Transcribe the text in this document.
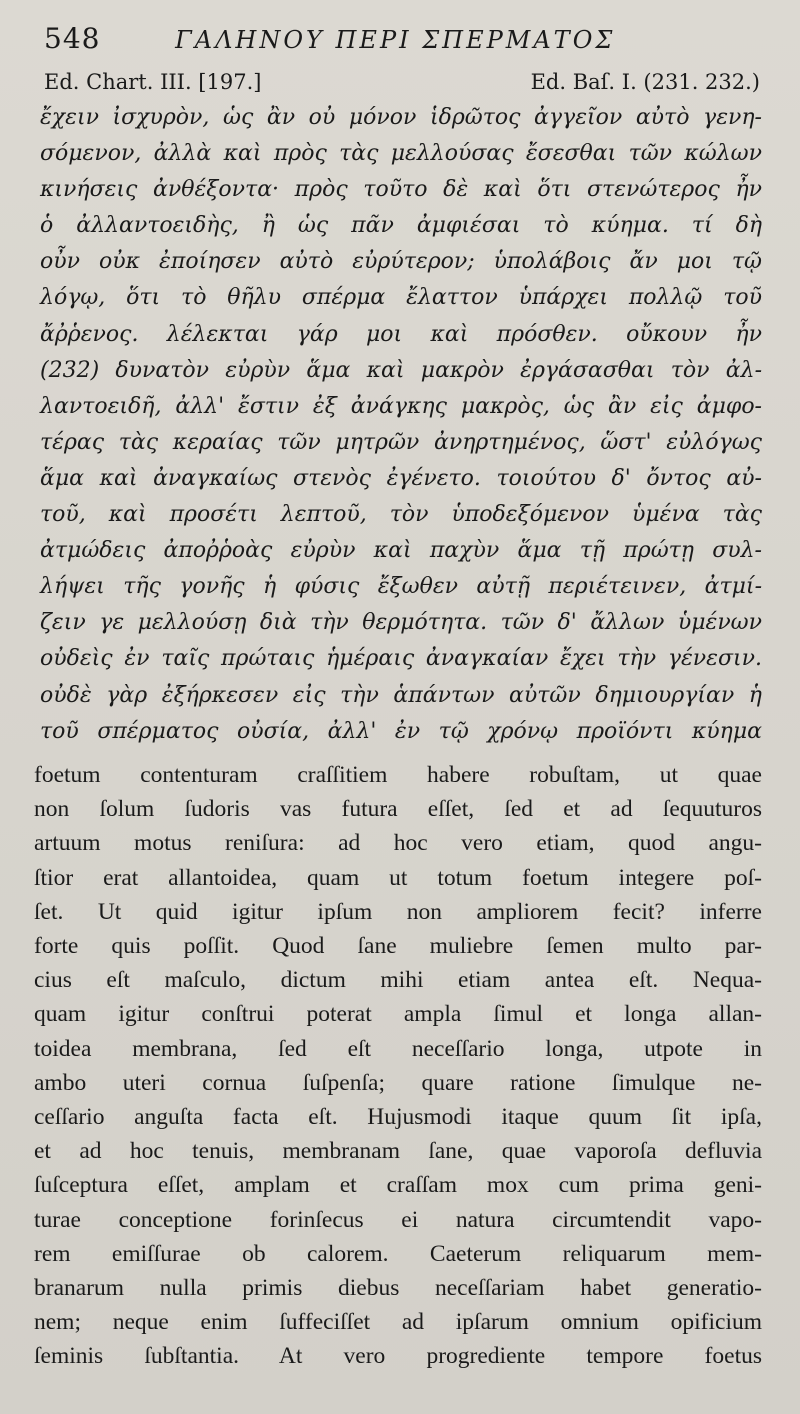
548	ΓΑΛΗΝΟΥ ΠΕΡΙ ΣΠΕΡΜΑΤΟΣ
Ed. Chart. III. [197.]	Ed. Baſ. I. (231. 232.)
ἔχειν ἰσχυρὸν, ὡς ἂν οὐ μόνον ἱδρῶτος ἀγγεῖον αὐτὸ γενη-
σόμενον, ἀλλὰ καὶ πρὸς τὰς μελλούσας ἔσεσθαι τῶν κώλων
κινήσεις ἀνθέξοντα· πρὸς τοῦτο δὲ καὶ ὅτι στενώτερος ἦν
ὁ ἀλλαντοειδὴς, ἢ ὡς πᾶν ἀμφιέσαι τὸ κύημα. τί δὴ
οὖν οὐκ ἐποίησεν αὐτὸ εὐρύτερον; ὑπολάβοις ἄν μοι τῷ
λόγῳ, ὅτι τὸ θῆλυ σπέρμα ἔλαττον ὑπάρχει πολλῷ τοῦ
ἄῤῥενος. λέλεκται γάρ μοι καὶ πρόσθεν. οὔκουν ἦν
(232) δυνατὸν εὐρὺν ἅμα καὶ μακρὸν ἐργάσασθαι τὸν ἀλ-
λαντοειδῆ, ἀλλ' ἔστιν ἐξ ἀνάγκης μακρὸς, ὡς ἂν εἰς ἀμφο-
τέρας τὰς κεραίας τῶν μητρῶν ἀνηρτημένος, ὥστ' εὐλόγως
ἅμα καὶ ἀναγκαίως στενὸς ἐγένετο. τοιούτου δ' ὄντος αὐ-
τοῦ, καὶ προσέτι λεπτοῦ, τὸν ὑποδεξόμενον ὑμένα τὰς
ἀτμώδεις ἀποῤῥοὰς εὐρὺν καὶ παχὺν ἅμα τῇ πρώτῃ συλ-
λήψει τῆς γονῆς ἡ φύσις ἔξωθεν αὐτῇ περιέτεινεν, ἀτμί-
ζειν γε μελλούσῃ διὰ τὴν θερμότητα. τῶν δ' ἄλλων ὑμένων
οὐδεὶς ἐν ταῖς πρώταις ἡμέραις ἀναγκαίαν ἔχει τὴν γένεσιν.
οὐδὲ γὰρ ἐξήρκεσεν εἰς τὴν ἁπάντων αὐτῶν δημιουργίαν ἡ
τοῦ σπέρματος οὐσία, ἀλλ' ἐν τῷ χρόνῳ προϊόντι κύημα
foetum contenturam craſſitiem habere robuſtam, ut quae
non ſolum ſudoris vas futura eſſet, ſed et ad ſequuturos
artuum motus reniſura: ad hoc vero etiam, quod angu-
ſtior erat allantoidea, quam ut totum foetum integere poſ-
ſet. Ut quid igitur ipſum non ampliorem fecit? inferre
forte quis poſſit. Quod ſane muliebre ſemen multo par-
cius eſt maſculo, dictum mihi etiam antea eſt. Nequa-
quam igitur conſtrui poterat ampla ſimul et longa allan-
toidea membrana, ſed eſt neceſſario longa, utpote in
ambo uteri cornua ſuſpenſa; quare ratione ſimulque ne-
ceſſario anguſta facta eſt. Hujusmodi itaque quum ſit ipſa,
et ad hoc tenuis, membranam ſane, quae vaporoſa defluvia
ſuſceptura eſſet, amplam et craſſam mox cum prima geni-
turae conceptione forinſecus ei natura circumtendit vapo-
rem emiſſurae ob calorem. Caeterum reliquarum mem-
branarum nulla primis diebus neceſſariam habet generatio-
nem; neque enim ſuffeciſſet ad ipſarum omnium opificium
ſeminis ſubſtantia. At vero progrediente tempore foetus
